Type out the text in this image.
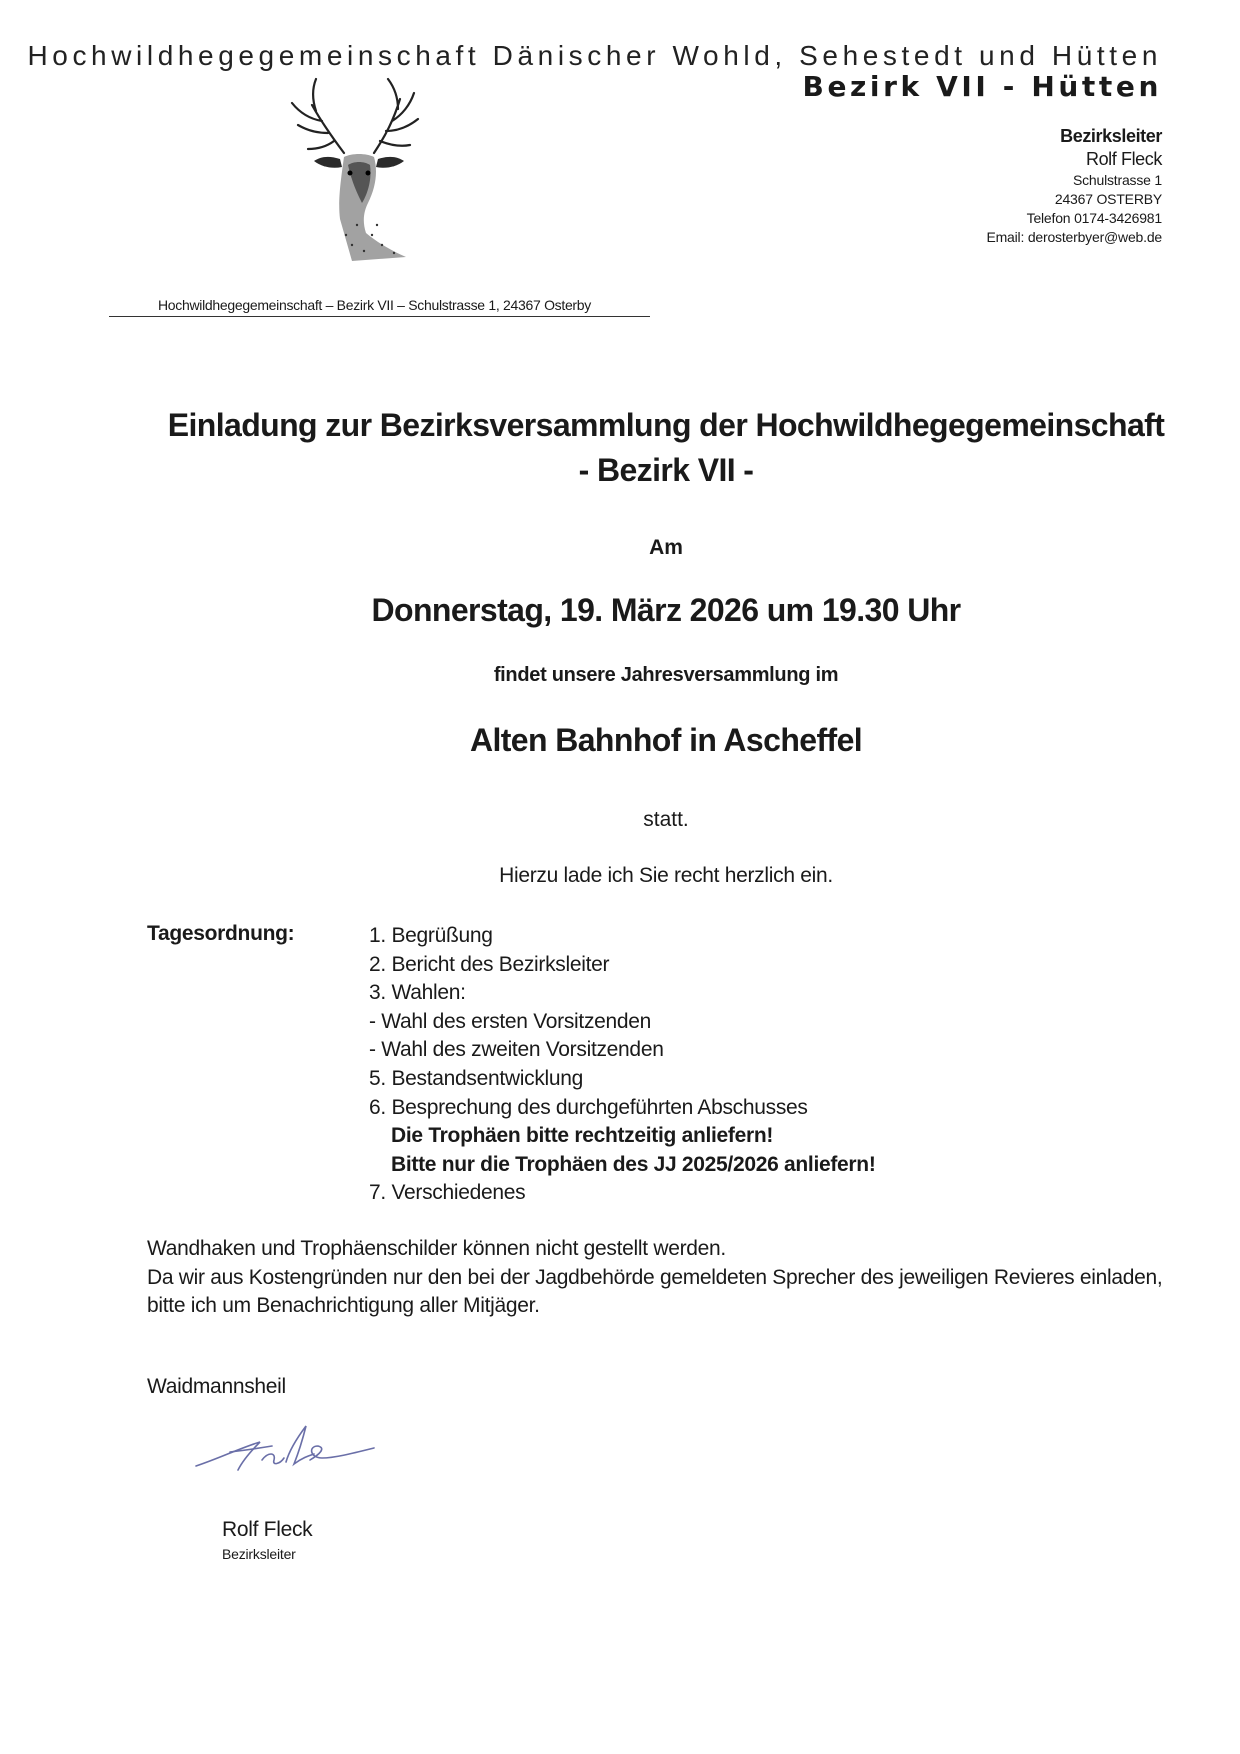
Hochwildhegegemeinschaft Dänischer Wohld, Sehestedt und Hütten
Bezirk VII - Hütten
Bezirksleiter
Rolf Fleck
Schulstrasse 1
24367 OSTERBY
Telefon 0174-3426981
Email: derosterbyer@web.de
Hochwildhegegemeinschaft – Bezirk VII – Schulstrasse 1, 24367 Osterby
Einladung zur Bezirksversammlung der Hochwildhegegemeinschaft
- Bezirk VII -
Am
Donnerstag, 19. März 2026 um 19.30 Uhr
findet unsere Jahresversammlung im
Alten Bahnhof in Ascheffel
statt.
Hierzu lade ich Sie recht herzlich ein.
Tagesordnung:	1. Begrüßung
2. Bericht des Bezirksleiter
3. Wahlen:
- Wahl des ersten Vorsitzenden
- Wahl des zweiten Vorsitzenden
5. Bestandsentwicklung
6. Besprechung des durchgeführten Abschusses
Die Trophäen bitte rechtzeitig anliefern!
Bitte nur die Trophäen des JJ 2025/2026 anliefern!
7. Verschiedenes
Wandhaken und Trophäenschilder können nicht gestellt werden.
Da wir aus Kostengründen nur den bei der Jagdbehörde gemeldeten Sprecher des jeweiligen Revieres einladen,
bitte ich um Benachrichtigung aller Mitjäger.
Waidmannsheil
Rolf Fleck
Bezirksleiter
